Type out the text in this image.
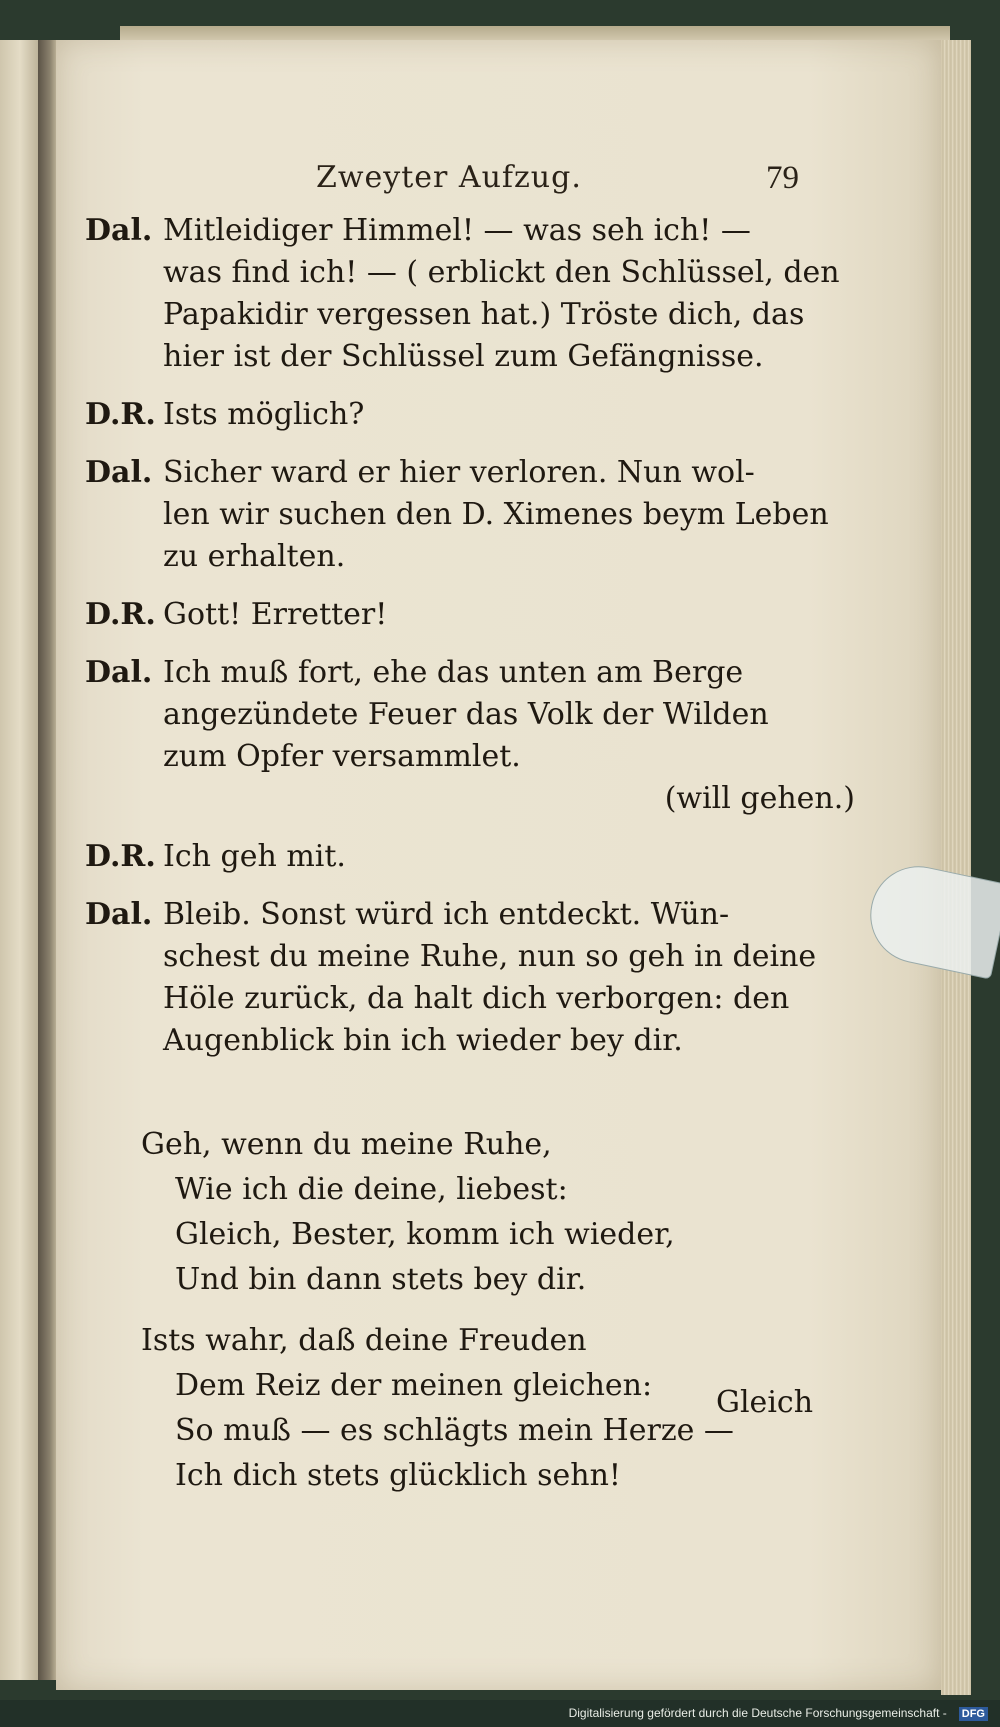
Zweyter Aufzug.	79
Dal. Mitleidiger Himmel! — was seh ich! —
was find ich! — ( erblickt den Schlüssel, den
Papakidir vergessen hat.) Tröste dich, das
hier ist der Schlüssel zum Gefängnisse.
D.R. Ists möglich?
Dal. Sicher ward er hier verloren. Nun wol-
len wir suchen den D. Ximenes beym Leben
zu erhalten.
D.R. Gott! Erretter!
Dal. Ich muß fort, ehe das unten am Berge
angezündete Feuer das Volk der Wilden
zum Opfer versammlet.
(will gehen.)
D.R. Ich geh mit.
Dal. Bleib. Sonst würd ich entdeckt. Wün-
schest du meine Ruhe, nun so geh in deine
Höle zurück, da halt dich verborgen: den
Augenblick bin ich wieder bey dir.
Geh, wenn du meine Ruhe,
Wie ich die deine, liebest:
Gleich, Bester, komm ich wieder,
Und bin dann stets bey dir.
Ists wahr, daß deine Freuden
Dem Reiz der meinen gleichen:
So muß — es schlägts mein Herze —
Ich dich stets glücklich sehn!
Gleich
Digitalisierung gefördert durch die Deutsche Forschungsgemeinschaft - DFG
